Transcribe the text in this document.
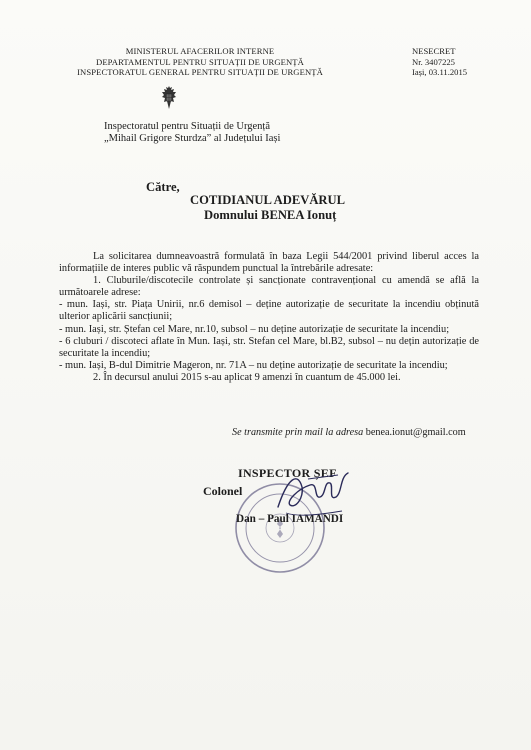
MINISTERUL AFACERILOR INTERNE
DEPARTAMENTUL PENTRU SITUAȚII DE URGENȚĂ
INSPECTORATUL GENERAL PENTRU SITUAȚII DE URGENȚĂ
NESECRET
Nr. 3407225
Iași, 03.11.2015
Inspectoratul pentru Situații de Urgență
„Mihail Grigore Sturdza” al Județului Iași
Către,
COTIDIANUL ADEVĂRUL
Domnului BENEA Ionuț

La solicitarea dumneavoastră formulată în baza Legii 544/2001 privind liberul acces la informațiile de interes public vă răspundem punctual la întrebările adresate:

1. Cluburile/discotecile controlate și sancționate contravențional cu amendă se află la următoarele adrese:

- mun. Iași, str. Piața Unirii, nr.6 demisol – deține autorizație de securitate la incendiu obținută ulterior aplicării sancțiunii;

- mun. Iași, str. Ștefan cel Mare, nr.10, subsol – nu deține autorizație de securitate la incendiu;

- 6 cluburi / discoteci aflate în Mun. Iași, str. Stefan cel Mare, bl.B2, subsol – nu dețin autorizație de securitate la incendiu;

- mun. Iași, B-dul Dimitrie Mageron, nr. 71A – nu deține autorizație de securitate la incendiu;

2. În decursul anului 2015 s-au aplicat 9 amenzi în cuantum de 45.000 lei.

Se transmite prin mail la adresa benea.ionut@gmail.com
INSPECTOR ȘEF
Colonel
Dan – Paul IAMANDI
